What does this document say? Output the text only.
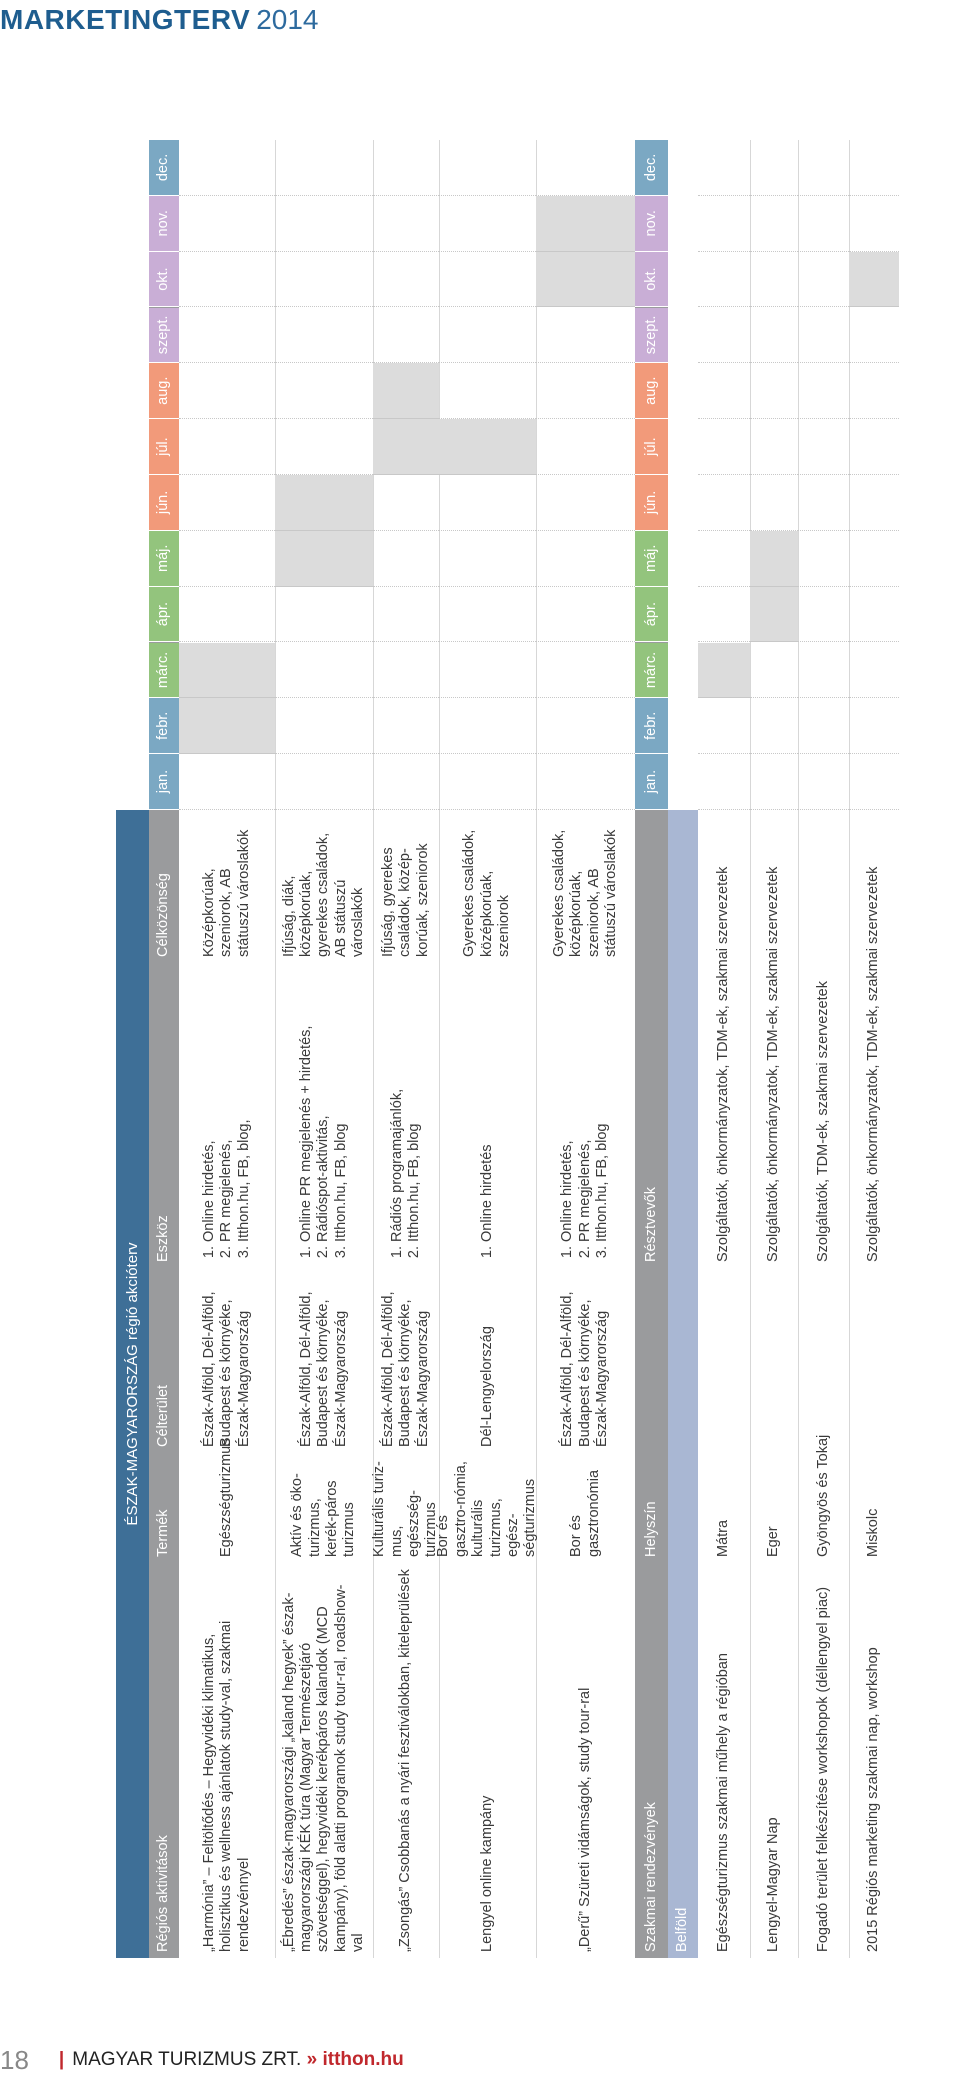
MARKETINGTERV 2014
ÉSZAK-MAGYARORSZÁG régió akcióterv
Régiós aktivitások
Termék
Célterület
Eszköz
Célközönség
jan.
febr.
márc.
ápr.
máj.
jún.
júl.
aug.
szept.
okt.
nov.
dec.
„Harmónia” – Feltöltődés – Hegyvidéki klimatikus, holisztikus és wellness ajánlatok study-val, szakmai rendezvénnyel
Egészségturizmus
Észak-Alföld, Dél-Alföld, Budapest és környéke, Észak-Magyarország
1. Online hirdetés, 2. PR megjelenés, 3. Itthon.hu, FB, blog,
Középkorúak, szeniorok, AB státuszú városlakók
„Ébredés” észak-magyarországi „kaland hegyek” észak-magyarországi KÉK túra (Magyar Természetjáró szövetséggel), hegyvidéki kerékpáros kalandok (MCD kampány), föld alatti programok study tour-ral, roadshow-val
Aktív és öko-turizmus, kerék-páros turizmus
Észak-Alföld, Dél-Alföld, Budapest és környéke, Észak-Magyarország
1. Online PR megjelenés + hirdetés, 2. Rádióspot-aktivitás, 3. Itthon.hu, FB, blog
Ifjúság, diák, középkorúak, gyerekes családok, AB státuszú városlakók
„Zsongás” Csobbanás a nyári fesztiválokban, kiteleprülések
Kulturális turiz-mus, egészség-turizmus
Észak-Alföld, Dél-Alföld, Budapest és környéke, Észak-Magyarország
1. Rádiós programajánlók, 2. Itthon.hu, FB, blog
Ifjúság, gyerekes családok, közép-korúak, szeniorok
Lengyel online kampány
Bor és gasztro-nómia, kulturális turizmus, egész-ségturizmus
Dél-Lengyelország
1. Online hirdetés
Gyerekes családok, középkorúak, szeniorok
„Derű” Szüreti vidámságok, study tour-ral
Bor és gasztronómia
Észak-Alföld, Dél-Alföld, Budapest és környéke, Észak-Magyarország
1. Online hirdetés, 2. PR megjelenés, 3. Itthon.hu, FB, blog
Gyerekes családok, középkorúak, szeniorok, AB státuszú városlakók
Szakmai rendezvények
Helyszín
Résztvevők
jan.
febr.
márc.
ápr.
máj.
jún.
júl.
aug.
szept.
okt.
nov.
dec.
Belföld	Egészségturizmus szakmai műhely a régióban
Mátra
Szolgáltatók, önkormányzatok, TDM-ek, szakmai szervezetek
Lengyel-Magyar Nap
Eger
Szolgáltatók, önkormányzatok, TDM-ek, szakmai szervezetek
Fogadó terület felkészítése workshopok (déllengyel piac)
Gyöngyös és Tokaj
Szolgáltatók, TDM-ek, szakmai szervezetek
2015 Régiós marketing szakmai nap, workshop
Miskolc
Szolgáltatók, önkormányzatok, TDM-ek, szakmai szervezetek
18 | MAGYAR TURIZMUS ZRT. » itthon.hu
